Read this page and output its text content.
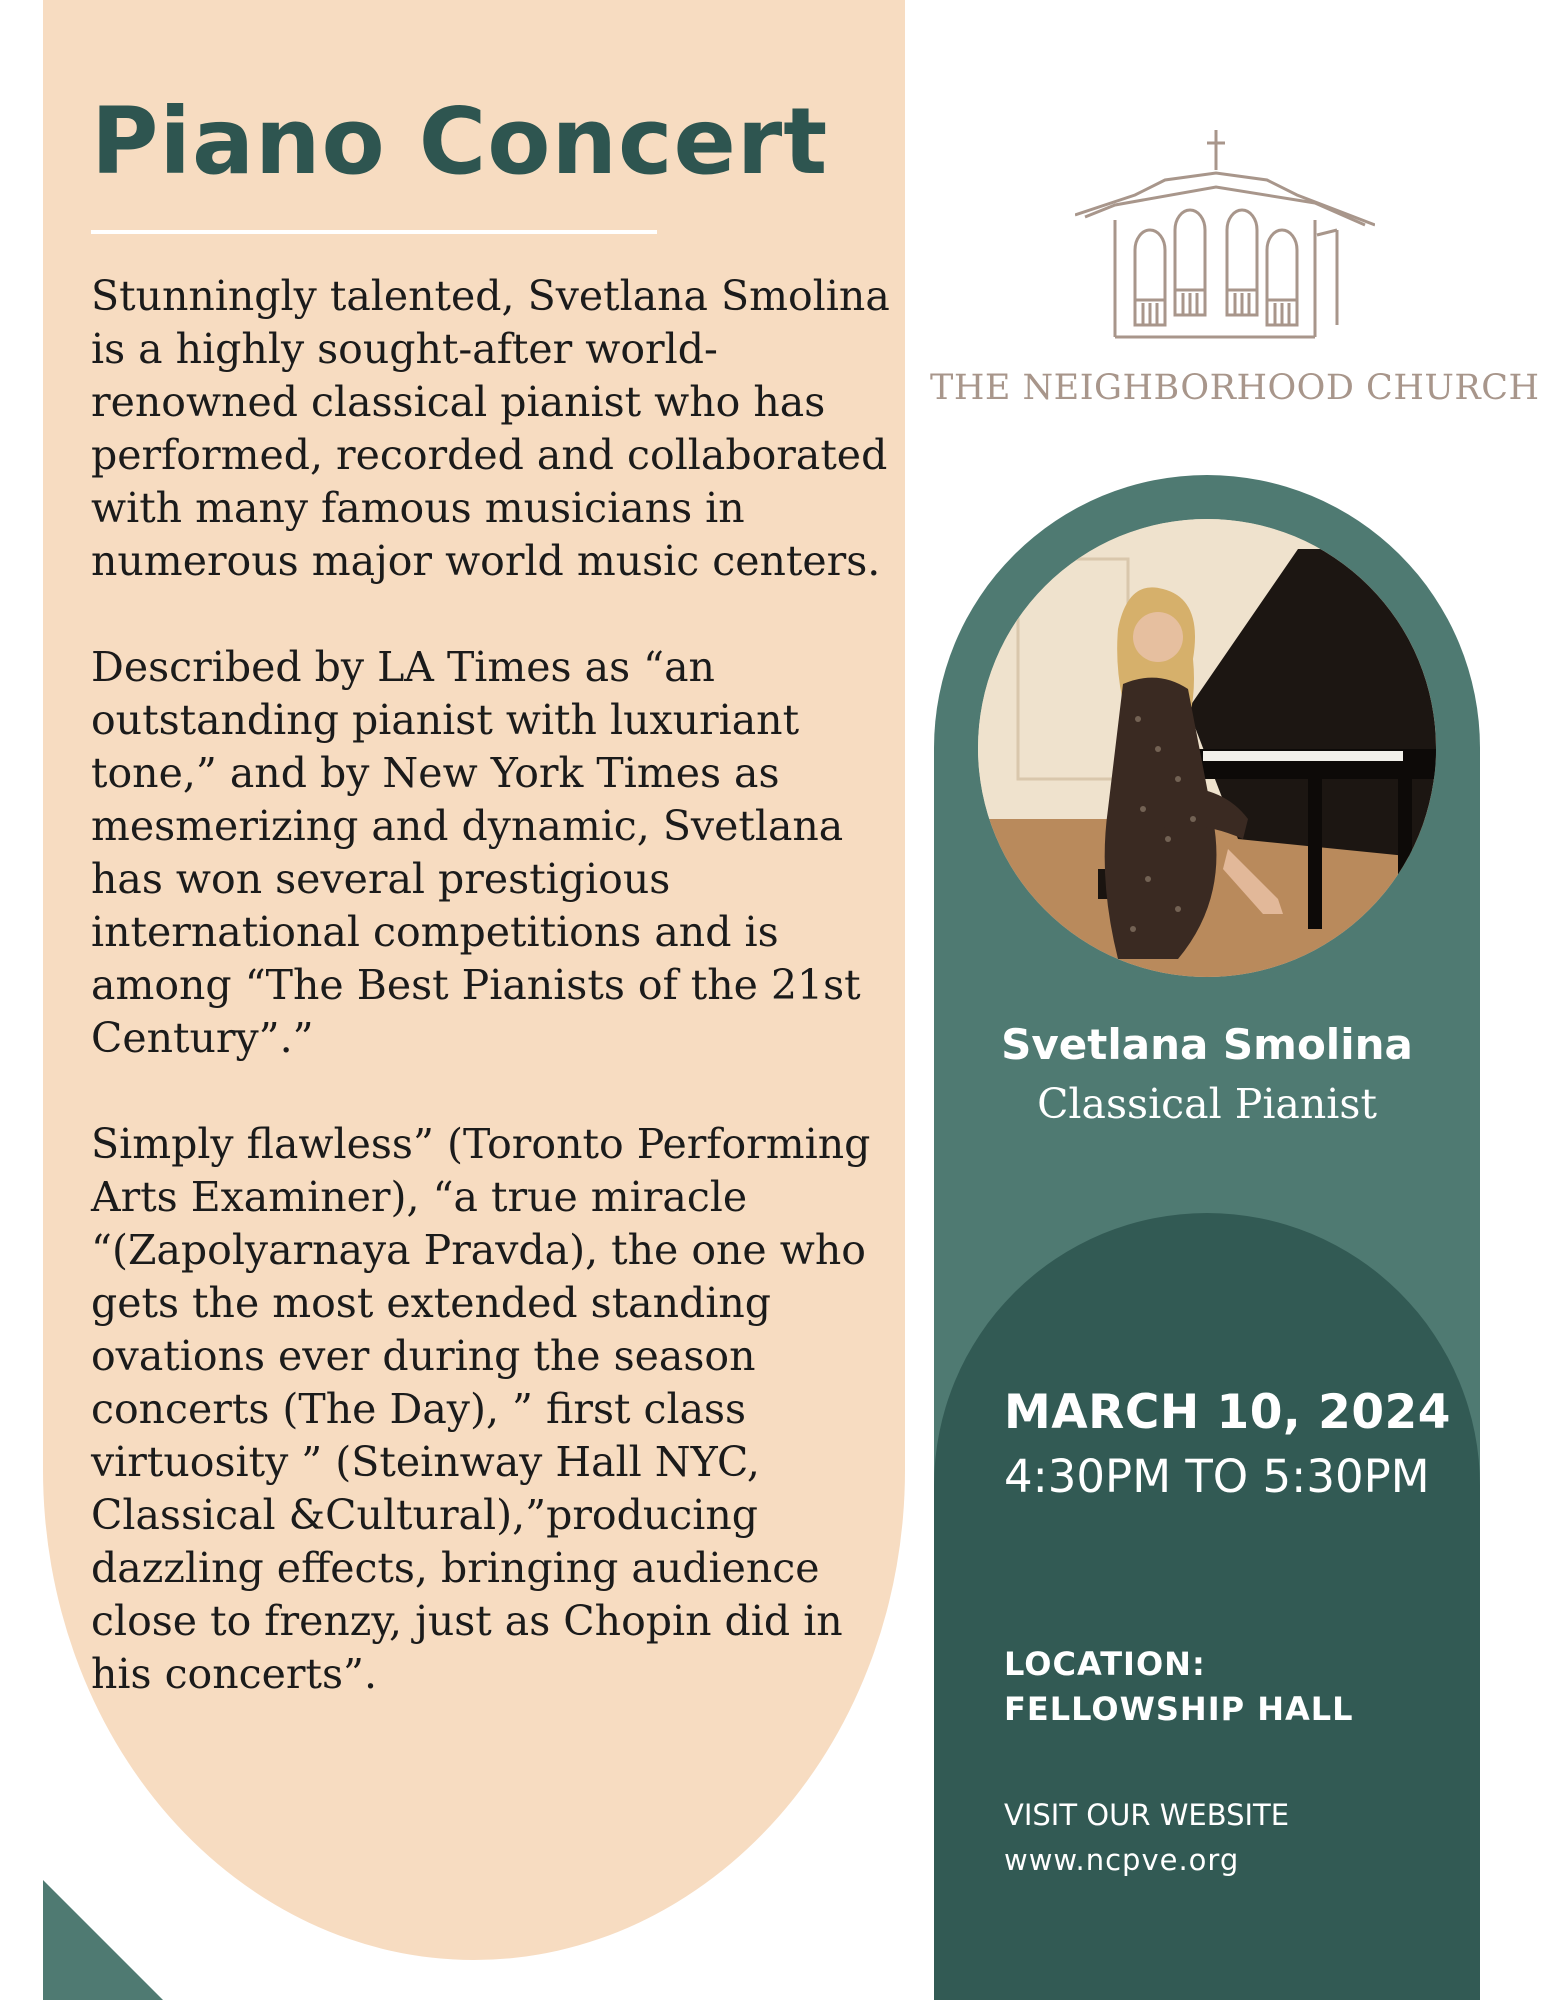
Piano Concert

Stunningly talented, Svetlana Smolina is a highly sought-after world-renowned classical pianist who has performed, recorded and collaborated with many famous musicians in numerous major world music centers.

Described by LA Times as “an outstanding pianist with luxuriant tone,” and by New York Times as mesmerizing and dynamic, Svetlana has won several prestigious international competitions and is among “The Best Pianists of the 21st Century”.”

Simply flawless” (Toronto Performing Arts Examiner), “a true miracle “(Zapolyarnaya Pravda), the one who gets the most extended standing ovations ever during the season concerts (The Day), ” first class virtuosity ” (Steinway Hall NYC, Classical &Cultural),”producing dazzling effects, bringing audience close to frenzy, just as Chopin did in his concerts”.

THE NEIGHBORHOOD CHURCH
Svetlana Smolina
Classical Pianist
MARCH 10, 2024
4:30PM TO 5:30PM
LOCATION:
FELLOWSHIP HALL
VISIT OUR WEBSITE
www.ncpve.org
